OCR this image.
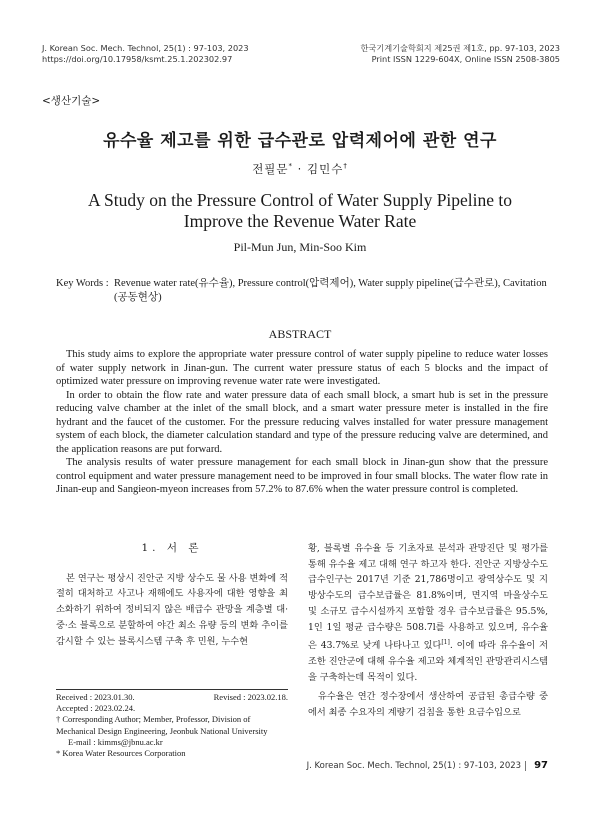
J. Korean Soc. Mech. Technol, 25(1) : 97-103, 2023
https://doi.org/10.17958/ksmt.25.1.202302.97
한국기계기술학회지 제25권 제1호, pp. 97-103, 2023
Print ISSN 1229-604X, Online ISSN 2508-3805
<생산기술>
유수율 제고를 위한 급수관로 압력제어에 관한 연구
전필문* · 김민수†
A Study on the Pressure Control of Water Supply Pipeline to Improve the Revenue Water Rate
Pil-Mun Jun, Min-Soo Kim
Key Words : Revenue water rate(유수율), Pressure control(압력제어), Water supply pipeline(급수관로), Cavitation (공동현상)
ABSTRACT

This study aims to explore the appropriate water pressure control of water supply pipeline to reduce water losses of water supply network in Jinan-gun. The current water pressure status of each 5 blocks and the impact of optimized water pressure on improving revenue water rate were investigated.

In order to obtain the flow rate and water pressure data of each small block, a smart hub is set in the pressure reducing valve chamber at the inlet of the small block, and a smart water pressure meter is installed in the fire hydrant and the faucet of the customer. For the pressure reducing valves installed for water pressure management system of each block, the diameter calculation standard and type of the pressure reducing valve are determined, and the application reasons are put forward.

The analysis results of water pressure management for each small block in Jinan-gun show that the pressure control equipment and water pressure management need to be improved in four small blocks. The water flow rate in Jinan-eup and Sangieon-myeon increases from 57.2% to 87.6% when the water pressure control is completed.

1. 서 론

본 연구는 평상시 진안군 지방 상수도 물 사용 변화에 적절히 대처하고 사고나 재해에도 사용자에 대한 영향을 최소화하기 위하여 정비되지 않은 배급수 관망을 계층별 대·중·소 블록으로 분할하여 야간 최소 유량 등의 변화 추이를 감시할 수 있는 블록시스템 구축 후 민원, 누수현

황, 블록별 유수율 등 기초자료 분석과 관망진단 및 평가를 통해 유수율 제고 대해 연구 하고자 한다. 진안군 지방상수도 급수인구는 2017년 기준 21,786명이고 광역상수도 및 지방상수도의 급수보급률은 81.8%이며, 면지역 마을상수도 및 소규모 급수시설까지 포함할 경우 급수보급률은 95.5%, 1인 1일 평균 급수량은 508.7l를 사용하고 있으며, 유수율은 43.7%로 낮게 나타나고 있다[1]. 이에 따라 유수율이 저조한 진안군에 대해 유수율 제고와 체계적인 관망관리시스템을 구축하는데 목적이 있다.

유수율은 연간 정수장에서 생산하여 공급된 총급수량 중에서 최종 수요자의 계량기 검침을 통한 요금수입으로

Received : 2023.01.30.	Revised : 2023.02.18.
Accepted : 2023.02.24.
† Corresponding Author; Member, Professor, Division of Mechanical Design Engineering, Jeonbuk National University
E-mail : kimms@jbnu.ac.kr
* Korea Water Resources Corporation
J. Korean Soc. Mech. Technol, 25(1) : 97-103, 2023 97
